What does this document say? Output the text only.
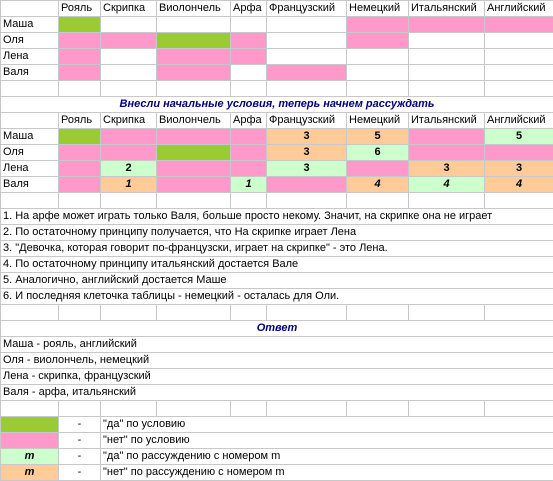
	Рояль	Скрипка	Виолончель	Арфа	Французский	Немецкий	Итальянский	Английский
Маша								
Оля								
Лена								
Валя								

Внесли начальные условия, теперь начнем рассуждать								
	Рояль	Скрипка	Виолончель	Арфа	Французский	Немецкий	Итальянский	Английский
Маша					3	5		5
Оля					3	6		
Лена		2			3		3	3
Валя		1		1		4	4	4

1. На арфе может играть только Валя, больше просто некому. Значит, на скрипке она не играет								
2. По остаточному принципу получается, что На скрипке играет Лена								
3. "Девочка, которая говорит по-французски, играет на скрипке" - это Лена.								
4. По остаточному принципу итальянский достается Вале								
5. Аналогично, английский достается Маше								
6. И последняя клеточка таблицы - немецкий - осталась для Оли.								

Ответ								
Маша - рояль, английский								
Оля - виолончель, немецкий								
Лена - скрипка, французский								
Валя - арфа, итальянский								

	-	"да" по условию						
	-	"нет" по условию						
m	-	"да" по рассуждению с номером m						
m	-	"нет" по рассуждению с номером m						
